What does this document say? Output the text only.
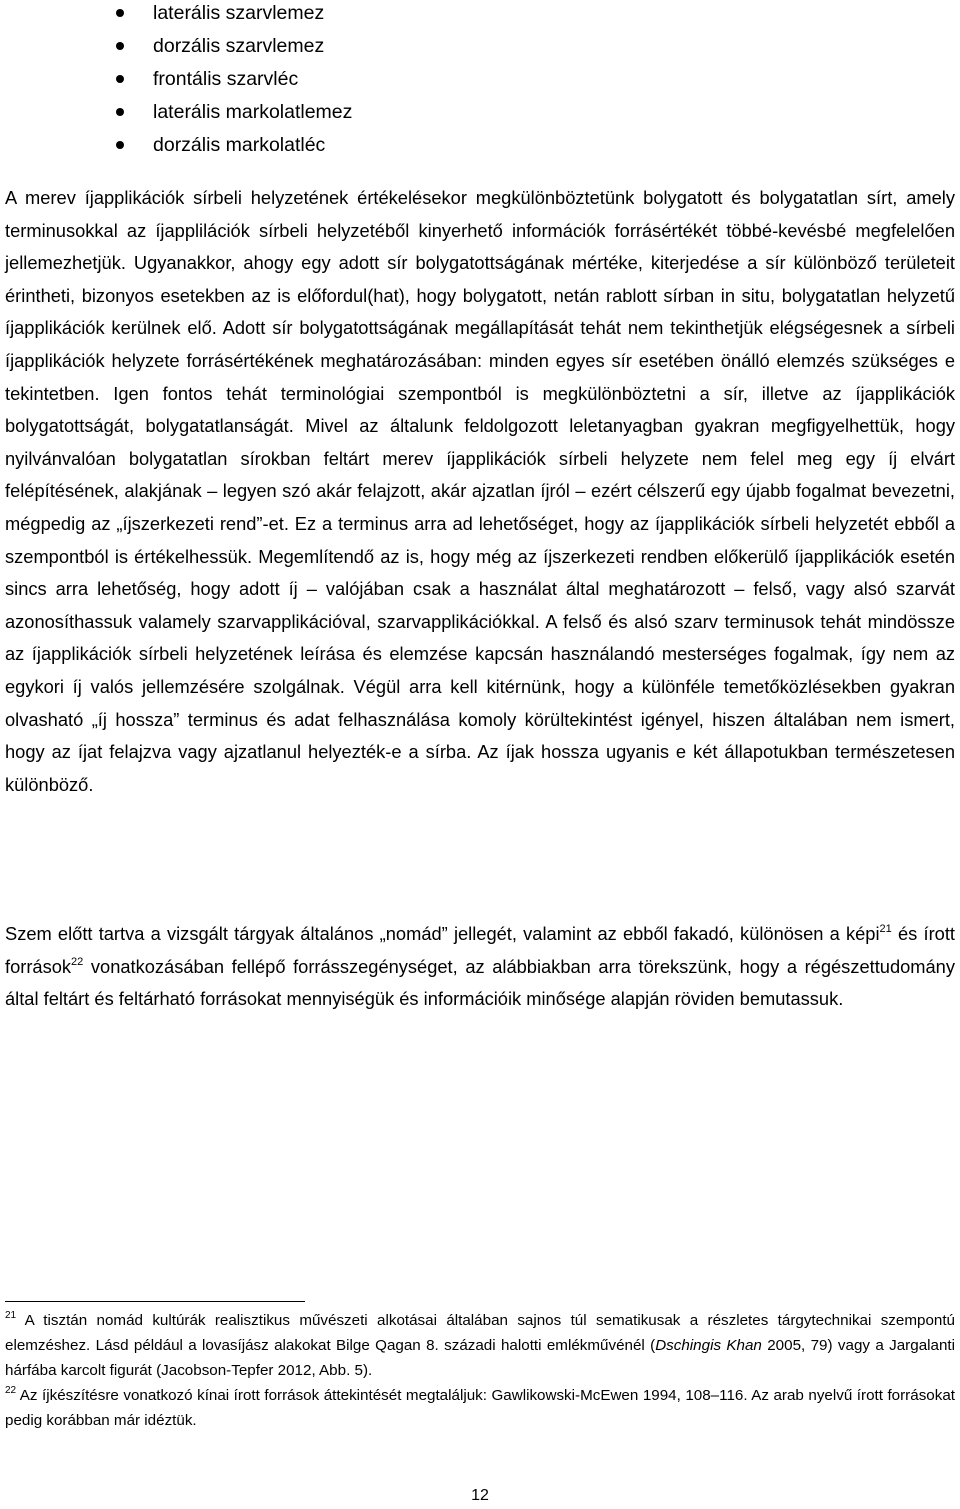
laterális szarvlemez
dorzális szarvlemez
frontális szarvléc
laterális markolatlemez
dorzális markolatléc

A merev íjapplikációk sírbeli helyzetének értékelésekor megkülönböztetünk bolygatott és bolygatatlan sírt, amely terminusokkal az íjapplilációk sírbeli helyzetéből kinyerhető információk forrásértékét többé-kevésbé megfelelően jellemezhetjük. Ugyanakkor, ahogy egy adott sír bolygatottságának mértéke, kiterjedése a sír különböző területeit érintheti, bizonyos esetekben az is előfordul(hat), hogy bolygatott, netán rablott sírban in situ, bolygatatlan helyzetű íjapplikációk kerülnek elő. Adott sír bolygatottságának megállapítását tehát nem tekinthetjük elégségesnek a sírbeli íjapplikációk helyzete forrásértékének meghatározásában: minden egyes sír esetében önálló elemzés szükséges e tekintetben. Igen fontos tehát terminológiai szempontból is megkülönböztetni a sír, illetve az íjapplikációk bolygatottságát, bolygatatlanságát. Mivel az általunk feldolgozott leletanyagban gyakran megfigyelhettük, hogy nyilvánvalóan bolygatatlan sírokban feltárt merev íjapplikációk sírbeli helyzete nem felel meg egy íj elvárt felépítésének, alakjának – legyen szó akár felajzott, akár ajzatlan íjról – ezért célszerű egy újabb fogalmat bevezetni, mégpedig az „íjszerkezeti rend”-et. Ez a terminus arra ad lehetőséget, hogy az íjapplikációk sírbeli helyzetét ebből a szempontból is értékelhessük. Megemlítendő az is, hogy még az íjszerkezeti rendben előkerülő íjapplikációk esetén sincs arra lehetőség, hogy adott íj – valójában csak a használat által meghatározott – felső, vagy alsó szarvát azonosíthassuk valamely szarvapplikációval, szarvapplikációkkal. A felső és alsó szarv terminusok tehát mindössze az íjapplikációk sírbeli helyzetének leírása és elemzése kapcsán használandó mesterséges fogalmak, így nem az egykori íj valós jellemzésére szolgálnak. Végül arra kell kitérnünk, hogy a különféle temetőközlésekben gyakran olvasható „íj hossza” terminus és adat felhasználása komoly körültekintést igényel, hiszen általában nem ismert, hogy az íjat felajzva vagy ajzatlanul helyezték-e a sírba. Az íjak hossza ugyanis e két állapotukban természetesen különböző.

Szem előtt tartva a vizsgált tárgyak általános „nomád” jellegét, valamint az ebből fakadó, különösen a képi$^{21}$ és írott források$^{22}$ vonatkozásában fellépő forrásszegénységet, az alábbiakban arra törekszünk, hogy a régészettudomány által feltárt és feltárható forrásokat mennyiségük és információik minősége alapján röviden bemutassuk.

$^{21}$ A tisztán nomád kultúrák realisztikus művészeti alkotásai általában sajnos túl sematikusak a részletes tárgytechnikai szempontú elemzéshez. Lásd például a lovasíjász alakokat Bilge Qagan 8. századi halotti emlékművénél (Dschingis Khan 2005, 79) vagy a Jargalanti hárfába karcolt figurát (Jacobson-Tepfer 2012, Abb. 5).

$^{22}$ Az íjkészítésre vonatkozó kínai írott források áttekintését megtaláljuk: Gawlikowski-McEwen 1994, 108–116. Az arab nyelvű írott forrásokat pedig korábban már idéztük.

12
